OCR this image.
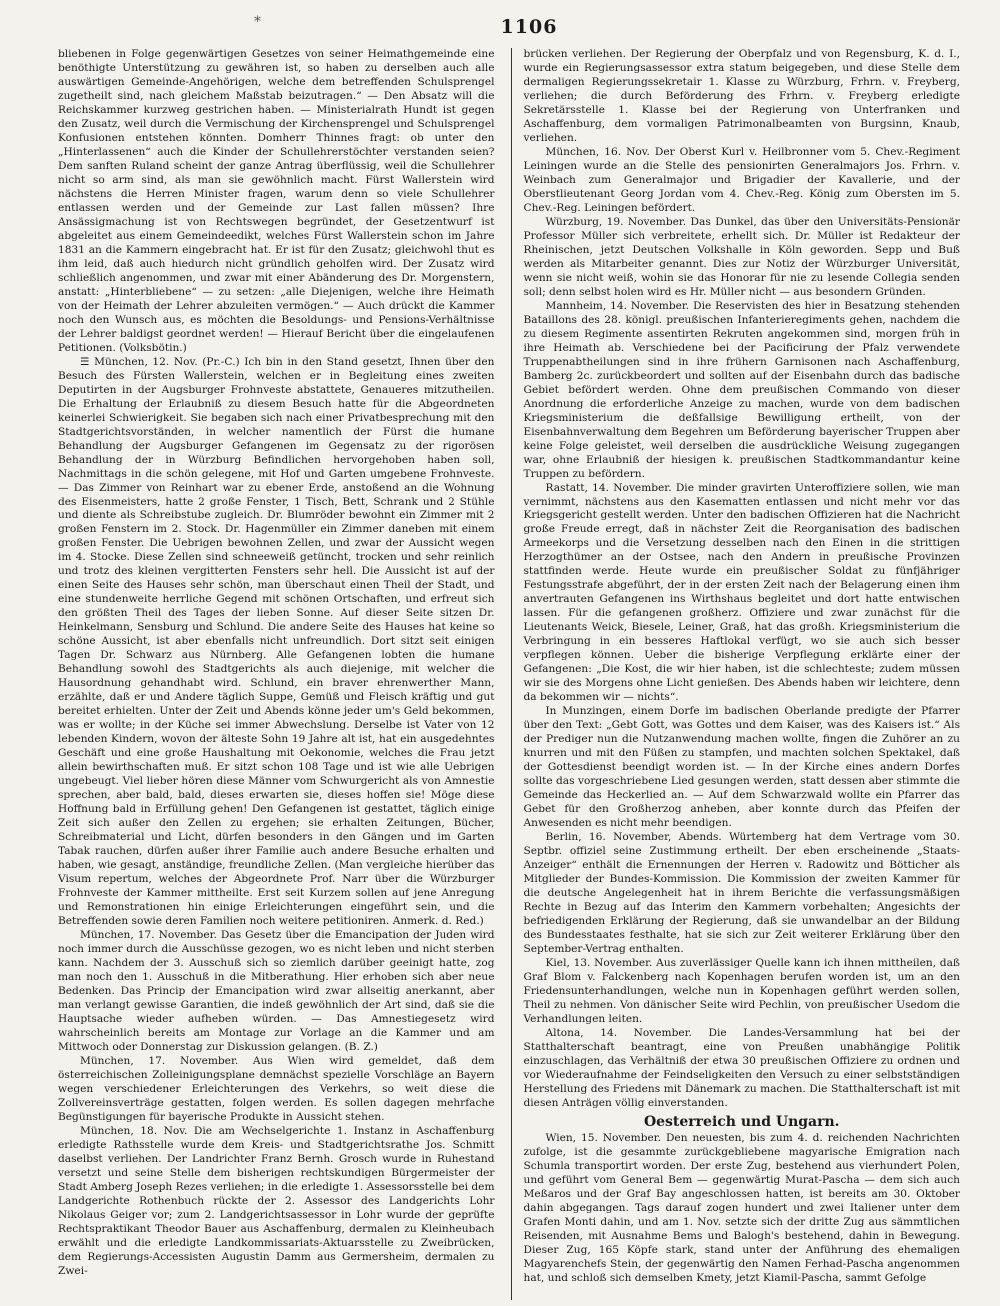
*	1106

bliebenen in Folge gegenwärtigen Gesetzes von seiner Heimathgemeinde eine benöthigte Unterstützung zu gewähren ist, so haben zu derselben auch alle auswärtigen Gemeinde-Angehörigen, welche dem betreffenden Schulsprengel zugetheilt sind, nach gleichem Maßstab beizutragen.“ — Den Absatz will die Reichskammer kurzweg gestrichen haben. — Ministerialrath Hundt ist gegen den Zusatz, weil durch die Vermischung der Kirchensprengel und Schulsprengel Konfusionen entstehen könnten. Domherr Thinnes fragt: ob unter den „Hinterlassenen“ auch die Kinder der Schullehrerstöchter verstanden seien? Dem sanften Ruland scheint der ganze Antrag überflüssig, weil die Schullehrer nicht so arm sind, als man sie gewöhnlich macht. Fürst Wallerstein wird nächstens die Herren Minister fragen, warum denn so viele Schullehrer entlassen werden und der Gemeinde zur Last fallen müssen? Ihre Ansässigmachung ist von Rechtswegen begründet, der Gesetzentwurf ist abgeleitet aus einem Gemeindeedikt, welches Fürst Wallerstein schon im Jahre 1831 an die Kammern eingebracht hat. Er ist für den Zusatz; gleichwohl thut es ihm leid, daß auch hiedurch nicht gründlich geholfen wird. Der Zusatz wird schließlich angenommen, und zwar mit einer Abänderung des Dr. Morgenstern, anstatt: „Hinterbliebene“ — zu setzen: „alle Diejenigen, welche ihre Heimath von der Heimath der Lehrer abzuleiten vermögen.“ — Auch drückt die Kammer noch den Wunsch aus, es möchten die Besoldungs- und Pensions-Verhältnisse der Lehrer baldigst geordnet werden! — Hierauf Bericht über die eingelaufenen Petitionen. (Volksbötin.)

☰ München, 12. Nov. (Pr.-C.) Ich bin in den Stand gesetzt, Ihnen über den Besuch des Fürsten Wallerstein, welchen er in Begleitung eines zweiten Deputirten in der Augsburger Frohnveste abstattete, Genaueres mitzutheilen. Die Erhaltung der Erlaubniß zu diesem Besuch hatte für die Abgeordneten keinerlei Schwierigkeit. Sie begaben sich nach einer Privatbesprechung mit den Stadtgerichtsvorständen, in welcher namentlich der Fürst die humane Behandlung der Augsburger Gefangenen im Gegensatz zu der rigorösen Behandlung der in Würzburg Befindlichen hervorgehoben haben soll, Nachmittags in die schön gelegene, mit Hof und Garten umgebene Frohnveste. — Das Zimmer von Reinhart war zu ebener Erde, anstoßend an die Wohnung des Eisenmeisters, hatte 2 große Fenster, 1 Tisch, Bett, Schrank und 2 Stühle und diente als Schreibstube zugleich. Dr. Blumröder bewohnt ein Zimmer mit 2 großen Fenstern im 2. Stock. Dr. Hagenmüller ein Zimmer daneben mit einem großen Fenster. Die Uebrigen bewohnen Zellen, und zwar der Aussicht wegen im 4. Stocke. Diese Zellen sind schneeweiß getüncht, trocken und sehr reinlich und trotz des kleinen vergitterten Fensters sehr hell. Die Aussicht ist auf der einen Seite des Hauses sehr schön, man überschaut einen Theil der Stadt, und eine stundenweite herrliche Gegend mit schönen Ortschaften, und erfreut sich den größten Theil des Tages der lieben Sonne. Auf dieser Seite sitzen Dr. Heinkelmann, Sensburg und Schlund. Die andere Seite des Hauses hat keine so schöne Aussicht, ist aber ebenfalls nicht unfreundlich. Dort sitzt seit einigen Tagen Dr. Schwarz aus Nürnberg. Alle Gefangenen lobten die humane Behandlung sowohl des Stadtgerichts als auch diejenige, mit welcher die Hausordnung gehandhabt wird. Schlund, ein braver ehrenwerther Mann, erzählte, daß er und Andere täglich Suppe, Gemüß und Fleisch kräftig und gut bereitet erhielten. Unter der Zeit und Abends könne jeder um's Geld bekommen, was er wollte; in der Küche sei immer Abwechslung. Derselbe ist Vater von 12 lebenden Kindern, wovon der älteste Sohn 19 Jahre alt ist, hat ein ausgedehntes Geschäft und eine große Haushaltung mit Oekonomie, welches die Frau jetzt allein bewirthschaften muß. Er sitzt schon 108 Tage und ist wie alle Uebrigen ungebeugt. Viel lieber hören diese Männer vom Schwurgericht als von Amnestie sprechen, aber bald, bald, dieses erwarten sie, dieses hoffen sie! Möge diese Hoffnung bald in Erfüllung gehen! Den Gefangenen ist gestattet, täglich einige Zeit sich außer den Zellen zu ergehen; sie erhalten Zeitungen, Bücher, Schreibmaterial und Licht, dürfen besonders in den Gängen und im Garten Tabak rauchen, dürfen außer ihrer Familie auch andere Besuche erhalten und haben, wie gesagt, anständige, freundliche Zellen. (Man vergleiche hierüber das Visum repertum, welches der Abgeordnete Prof. Narr über die Würzburger Frohnveste der Kammer mittheilte. Erst seit Kurzem sollen auf jene Anregung und Remonstrationen hin einige Erleichterungen eingeführt sein, und die Betreffenden sowie deren Familien noch weitere petitioniren. Anmerk. d. Red.)

München, 17. November. Das Gesetz über die Emancipation der Juden wird noch immer durch die Ausschüsse gezogen, wo es nicht leben und nicht sterben kann. Nachdem der 3. Ausschuß sich so ziemlich darüber geeinigt hatte, zog man noch den 1. Ausschuß in die Mitberathung. Hier erhoben sich aber neue Bedenken. Das Princip der Emancipation wird zwar allseitig anerkannt, aber man verlangt gewisse Garantien, die indeß gewöhnlich der Art sind, daß sie die Hauptsache wieder aufheben würden. — Das Amnestiegesetz wird wahrscheinlich bereits am Montage zur Vorlage an die Kammer und am Mittwoch oder Donnerstag zur Diskussion gelangen. (B. Z.)

München, 17. November. Aus Wien wird gemeldet, daß dem österreichischen Zolleinigungsplane demnächst spezielle Vorschläge an Bayern wegen verschiedener Erleichterungen des Verkehrs, so weit diese die Zollvereinsverträge gestatten, folgen werden. Es sollen dagegen mehrfache Begünstigungen für bayerische Produkte in Aussicht stehen.

München, 18. Nov. Die am Wechselgerichte 1. Instanz in Aschaffenburg erledigte Rathsstelle wurde dem Kreis- und Stadtgerichtsrathe Jos. Schmitt daselbst verliehen. Der Landrichter Franz Bernh. Grosch wurde in Ruhestand versetzt und seine Stelle dem bisherigen rechtskundigen Bürgermeister der Stadt Amberg Joseph Rezes verliehen; in die erledigte 1. Assessorsstelle bei dem Landgerichte Rothenbuch rückte der 2. Assessor des Landgerichts Lohr Nikolaus Geiger vor; zum 2. Landgerichtsassessor in Lohr wurde der geprüfte Rechtspraktikant Theodor Bauer aus Aschaffenburg, dermalen zu Kleinheubach erwählt und die erledigte Landkommissariats-Aktuarsstelle zu Zweibrücken, dem Regierungs-Accessisten Augustin Damm aus Germersheim, dermalen zu Zwei-

brücken verliehen. Der Regierung der Oberpfalz und von Regensburg, K. d. I., wurde ein Regierungsassessor extra statum beigegeben, und diese Stelle dem dermaligen Regierungssekretair 1. Klasse zu Würzburg, Frhrn. v. Freyberg, verliehen; die durch Beförderung des Frhrn. v. Freyberg erledigte Sekretärsstelle 1. Klasse bei der Regierung von Unterfranken und Aschaffenburg, dem vormaligen Patrimonalbeamten von Burgsinn, Knaub, verliehen.

München, 16. Nov. Der Oberst Kurl v. Heilbronner vom 5. Chev.-Regiment Leiningen wurde an die Stelle des pensionirten Generalmajors Jos. Frhrn. v. Weinbach zum Generalmajor und Brigadier der Kavallerie, und der Oberstlieutenant Georg Jordan vom 4. Chev.-Reg. König zum Obersten im 5. Chev.-Reg. Leiningen befördert.

Würzburg, 19. November. Das Dunkel, das über den Universitäts-Pensionär Professor Müller sich verbreitete, erhellt sich. Dr. Müller ist Redakteur der Rheinischen, jetzt Deutschen Volkshalle in Köln geworden. Sepp und Buß werden als Mitarbeiter genannt. Dies zur Notiz der Würzburger Universität, wenn sie nicht weiß, wohin sie das Honorar für nie zu lesende Collegia senden soll; denn selbst holen wird es Hr. Müller nicht — aus besondern Gründen.

Mannheim, 14. November. Die Reservisten des hier in Besatzung stehenden Bataillons des 28. königl. preußischen Infanterieregiments gehen, nachdem die zu diesem Regimente assentirten Rekruten angekommen sind, morgen früh in ihre Heimath ab. Verschiedene bei der Pacificirung der Pfalz verwendete Truppenabtheilungen sind in ihre frühern Garnisonen nach Aschaffenburg, Bamberg 2c. zurückbeordert und sollten auf der Eisenbahn durch das badische Gebiet befördert werden. Ohne dem preußischen Commando von dieser Anordnung die erforderliche Anzeige zu machen, wurde von dem badischen Kriegsministerium die deßfallsige Bewilligung ertheilt, von der Eisenbahnverwaltung dem Begehren um Beförderung bayerischer Truppen aber keine Folge geleistet, weil derselben die ausdrückliche Weisung zugegangen war, ohne Erlaubniß der hiesigen k. preußischen Stadtkommandantur keine Truppen zu befördern.

Rastatt, 14. November. Die minder gravirten Unteroffiziere sollen, wie man vernimmt, nächstens aus den Kasematten entlassen und nicht mehr vor das Kriegsgericht gestellt werden. Unter den badischen Offizieren hat die Nachricht große Freude erregt, daß in nächster Zeit die Reorganisation des badischen Armeekorps und die Versetzung desselben nach den Einen in die strittigen Herzogthümer an der Ostsee, nach den Andern in preußische Provinzen stattfinden werde. Heute wurde ein preußischer Soldat zu fünfjähriger Festungsstrafe abgeführt, der in der ersten Zeit nach der Belagerung einen ihm anvertrauten Gefangenen ins Wirthshaus begleitet und dort hatte entwischen lassen. Für die gefangenen großherz. Offiziere und zwar zunächst für die Lieutenants Weick, Biesele, Leiner, Graß, hat das großh. Kriegsministerium die Verbringung in ein besseres Haftlokal verfügt, wo sie auch sich besser verpflegen können. Ueber die bisherige Verpflegung erklärte einer der Gefangenen: „Die Kost, die wir hier haben, ist die schlechteste; zudem müssen wir sie des Morgens ohne Licht genießen. Des Abends haben wir leichtere, denn da bekommen wir — nichts“.

In Munzingen, einem Dorfe im badischen Oberlande predigte der Pfarrer über den Text: „Gebt Gott, was Gottes und dem Kaiser, was des Kaisers ist.“ Als der Prediger nun die Nutzanwendung machen wollte, fingen die Zuhörer an zu knurren und mit den Füßen zu stampfen, und machten solchen Spektakel, daß der Gottesdienst beendigt worden ist. — In der Kirche eines andern Dorfes sollte das vorgeschriebene Lied gesungen werden, statt dessen aber stimmte die Gemeinde das Heckerlied an. — Auf dem Schwarzwald wollte ein Pfarrer das Gebet für den Großherzog anheben, aber konnte durch das Pfeifen der Anwesenden es nicht mehr beendigen.

Berlin, 16. November, Abends. Würtemberg hat dem Vertrage vom 30. Septbr. offiziel seine Zustimmung ertheilt. Der eben erscheinende „Staats-Anzeiger“ enthält die Ernennungen der Herren v. Radowitz und Bötticher als Mitglieder der Bundes-Kommission. Die Kommission der zweiten Kammer für die deutsche Angelegenheit hat in ihrem Berichte die verfassungsmäßigen Rechte in Bezug auf das Interim den Kammern vorbehalten; Angesichts der befriedigenden Erklärung der Regierung, daß sie unwandelbar an der Bildung des Bundesstaates festhalte, hat sie sich zur Zeit weiterer Erklärung über den September-Vertrag enthalten.

Kiel, 13. November. Aus zuverlässiger Quelle kann ich ihnen mittheilen, daß Graf Blom v. Falckenberg nach Kopenhagen berufen worden ist, um an den Friedensunterhandlungen, welche nun in Kopenhagen geführt werden sollen, Theil zu nehmen. Von dänischer Seite wird Pechlin, von preußischer Usedom die Verhandlungen leiten.

Altona, 14. November. Die Landes-Versammlung hat bei der Statthalterschaft beantragt, eine von Preußen unabhängige Politik einzuschlagen, das Verhältniß der etwa 30 preußischen Offiziere zu ordnen und vor Wiederaufnahme der Feindseligkeiten den Versuch zu einer selbstständigen Herstellung des Friedens mit Dänemark zu machen. Die Statthalterschaft ist mit diesen Anträgen völlig einverstanden.

Oesterreich und Ungarn.

Wien, 15. November. Den neuesten, bis zum 4. d. reichenden Nachrichten zufolge, ist die gesammte zurückgebliebene magyarische Emigration nach Schumla transportirt worden. Der erste Zug, bestehend aus vierhundert Polen, und geführt vom General Bem — gegenwärtig Murat-Pascha — dem sich auch Meßaros und der Graf Bay angeschlossen hatten, ist bereits am 30. Oktober dahin abgegangen. Tags darauf zogen hundert und zwei Italiener unter dem Grafen Monti dahin, und am 1. Nov. setzte sich der dritte Zug aus sämmtlichen Reisenden, mit Ausnahme Bems und Balogh's bestehend, dahin in Bewegung. Dieser Zug, 165 Köpfe stark, stand unter der Anführung des ehemaligen Magyarenchefs Stein, der gegenwärtig den Namen Ferhad-Pascha angenommen hat, und schloß sich demselben Kmety, jetzt Kiamil-Pascha, sammt Gefolge
